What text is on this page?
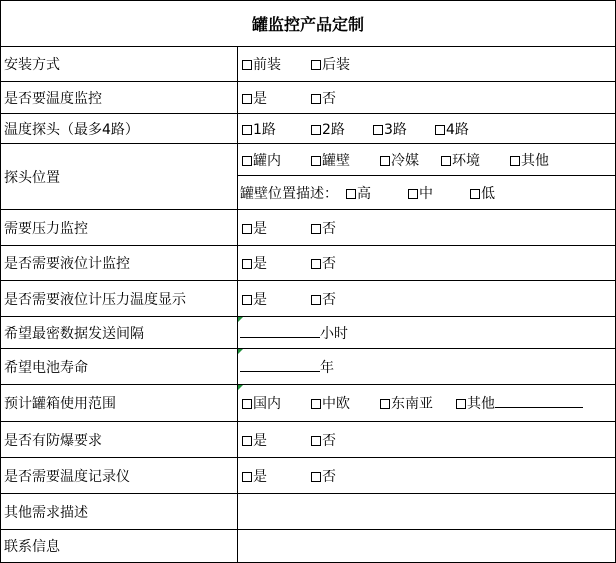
罐监控产品定制	
安装方式	前装 后装

是否要温度监控	是 否

温度探头（最多4路）	1路 2路 3路 4路

探头位置	罐内 罐壁 冷媒 环境 其他

	罐壁位置描述： 高 中 低

需要压力监控	是 否

是否需要液位计监控	是 否

是否需要液位计压力温度显示	是 否

希望最密数据发送间隔	小时

希望电池寿命	年

预计罐箱使用范围	国内 中欧 东南亚 其他

是否有防爆要求	是 否

是否需要温度记录仪	是 否

其他需求描述	
联系信息	
